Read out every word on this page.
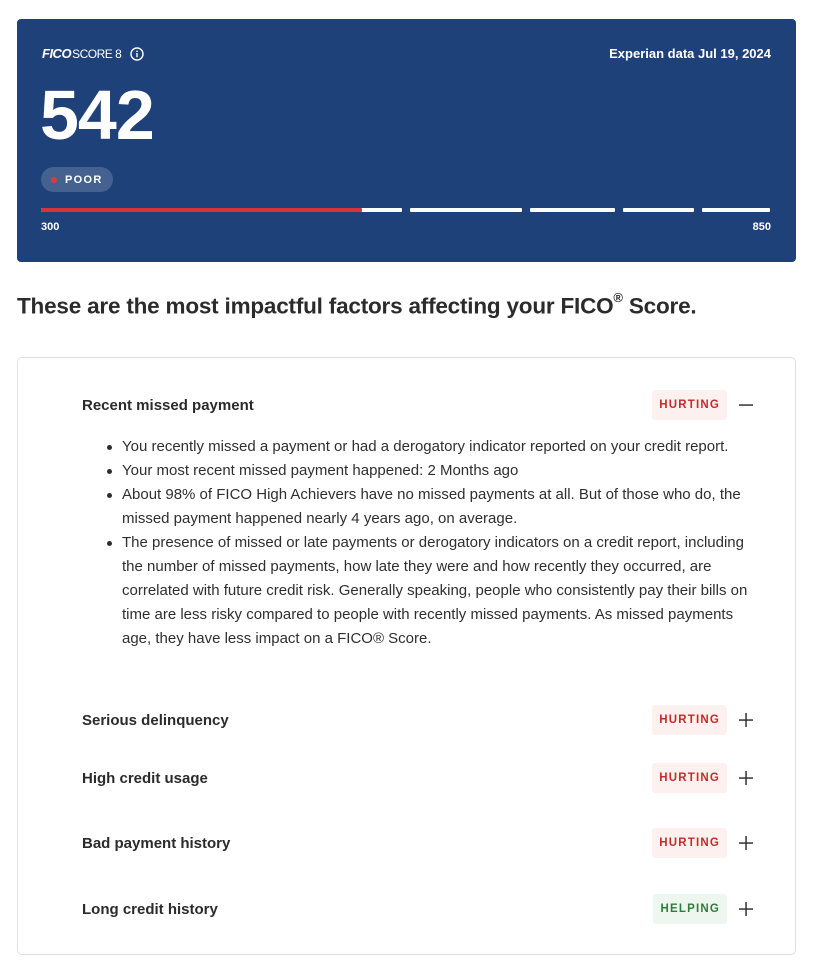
FICO SCORE 8	Experian data Jul 19, 2024
542
POOR
300	850
These are the most impactful factors affecting your FICO® Score.
Recent missed payment	HURTING
You recently missed a payment or had a derogatory indicator reported on your credit report.
Your most recent missed payment happened: 2 Months ago
About 98% of FICO High Achievers have no missed payments at all. But of those who do, the missed payment happened nearly 4 years ago, on average.
The presence of missed or late payments or derogatory indicators on a credit report, including the number of missed payments, how late they were and how recently they occurred, are correlated with future credit risk. Generally speaking, people who consistently pay their bills on time are less risky compared to people with recently missed payments. As missed payments age, they have less impact on a FICO® Score.
Serious delinquency	HURTING
High credit usage	HURTING
Bad payment history	HURTING
Long credit history	HELPING
